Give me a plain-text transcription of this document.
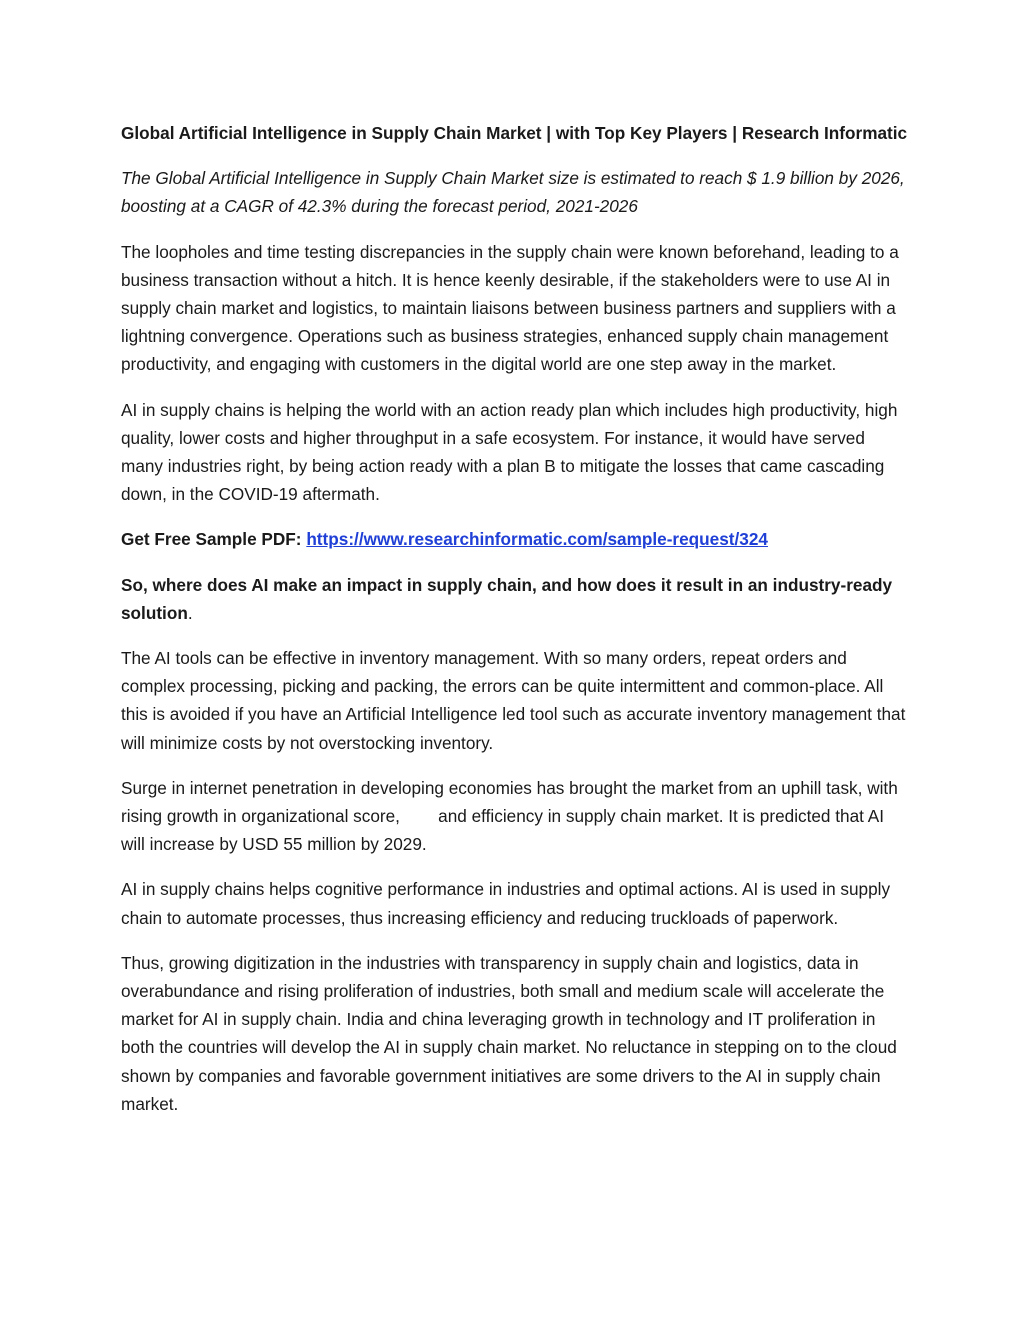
Global Artificial Intelligence in Supply Chain Market | with Top Key Players | Research Informatic

The Global Artificial Intelligence in Supply Chain Market size is estimated to reach $ 1.9 billion by 2026, boosting at a CAGR of 42.3% during the forecast period, 2021-2026

The loopholes and time testing discrepancies in the supply chain were known beforehand, leading to a business transaction without a hitch. It is hence keenly desirable, if the stakeholders were to use AI in supply chain market and logistics, to maintain liaisons between business partners and suppliers with a lightning convergence. Operations such as business strategies, enhanced supply chain management productivity, and engaging with customers in the digital world are one step away in the market.

AI in supply chains is helping the world with an action ready plan which includes high productivity, high quality, lower costs and higher throughput in a safe ecosystem. For instance, it would have served many industries right, by being action ready with a plan B to mitigate the losses that came cascading down, in the COVID-19 aftermath.

Get Free Sample PDF: https://www.researchinformatic.com/sample-request/324

So, where does AI make an impact in supply chain, and how does it result in an industry-ready solution.

The AI tools can be effective in inventory management. With so many orders, repeat orders and complex processing, picking and packing, the errors can be quite intermittent and common-place. All this is avoided if you have an Artificial Intelligence led tool such as accurate inventory management that will minimize costs by not overstocking inventory.

Surge in internet penetration in developing economies has brought the market from an uphill task, with rising growth in organizational score,        and efficiency in supply chain market. It is predicted that AI will increase by USD 55 million by 2029.

AI in supply chains helps cognitive performance in industries and optimal actions. AI is used in supply chain to automate processes, thus increasing efficiency and reducing truckloads of paperwork.

Thus, growing digitization in the industries with transparency in supply chain and logistics, data in overabundance and rising proliferation of industries, both small and medium scale will accelerate the market for AI in supply chain. India and china leveraging growth in technology and IT proliferation in both the countries will develop the AI in supply chain market. No reluctance in stepping on to the cloud shown by companies and favorable government initiatives are some drivers to the AI in supply chain market.
